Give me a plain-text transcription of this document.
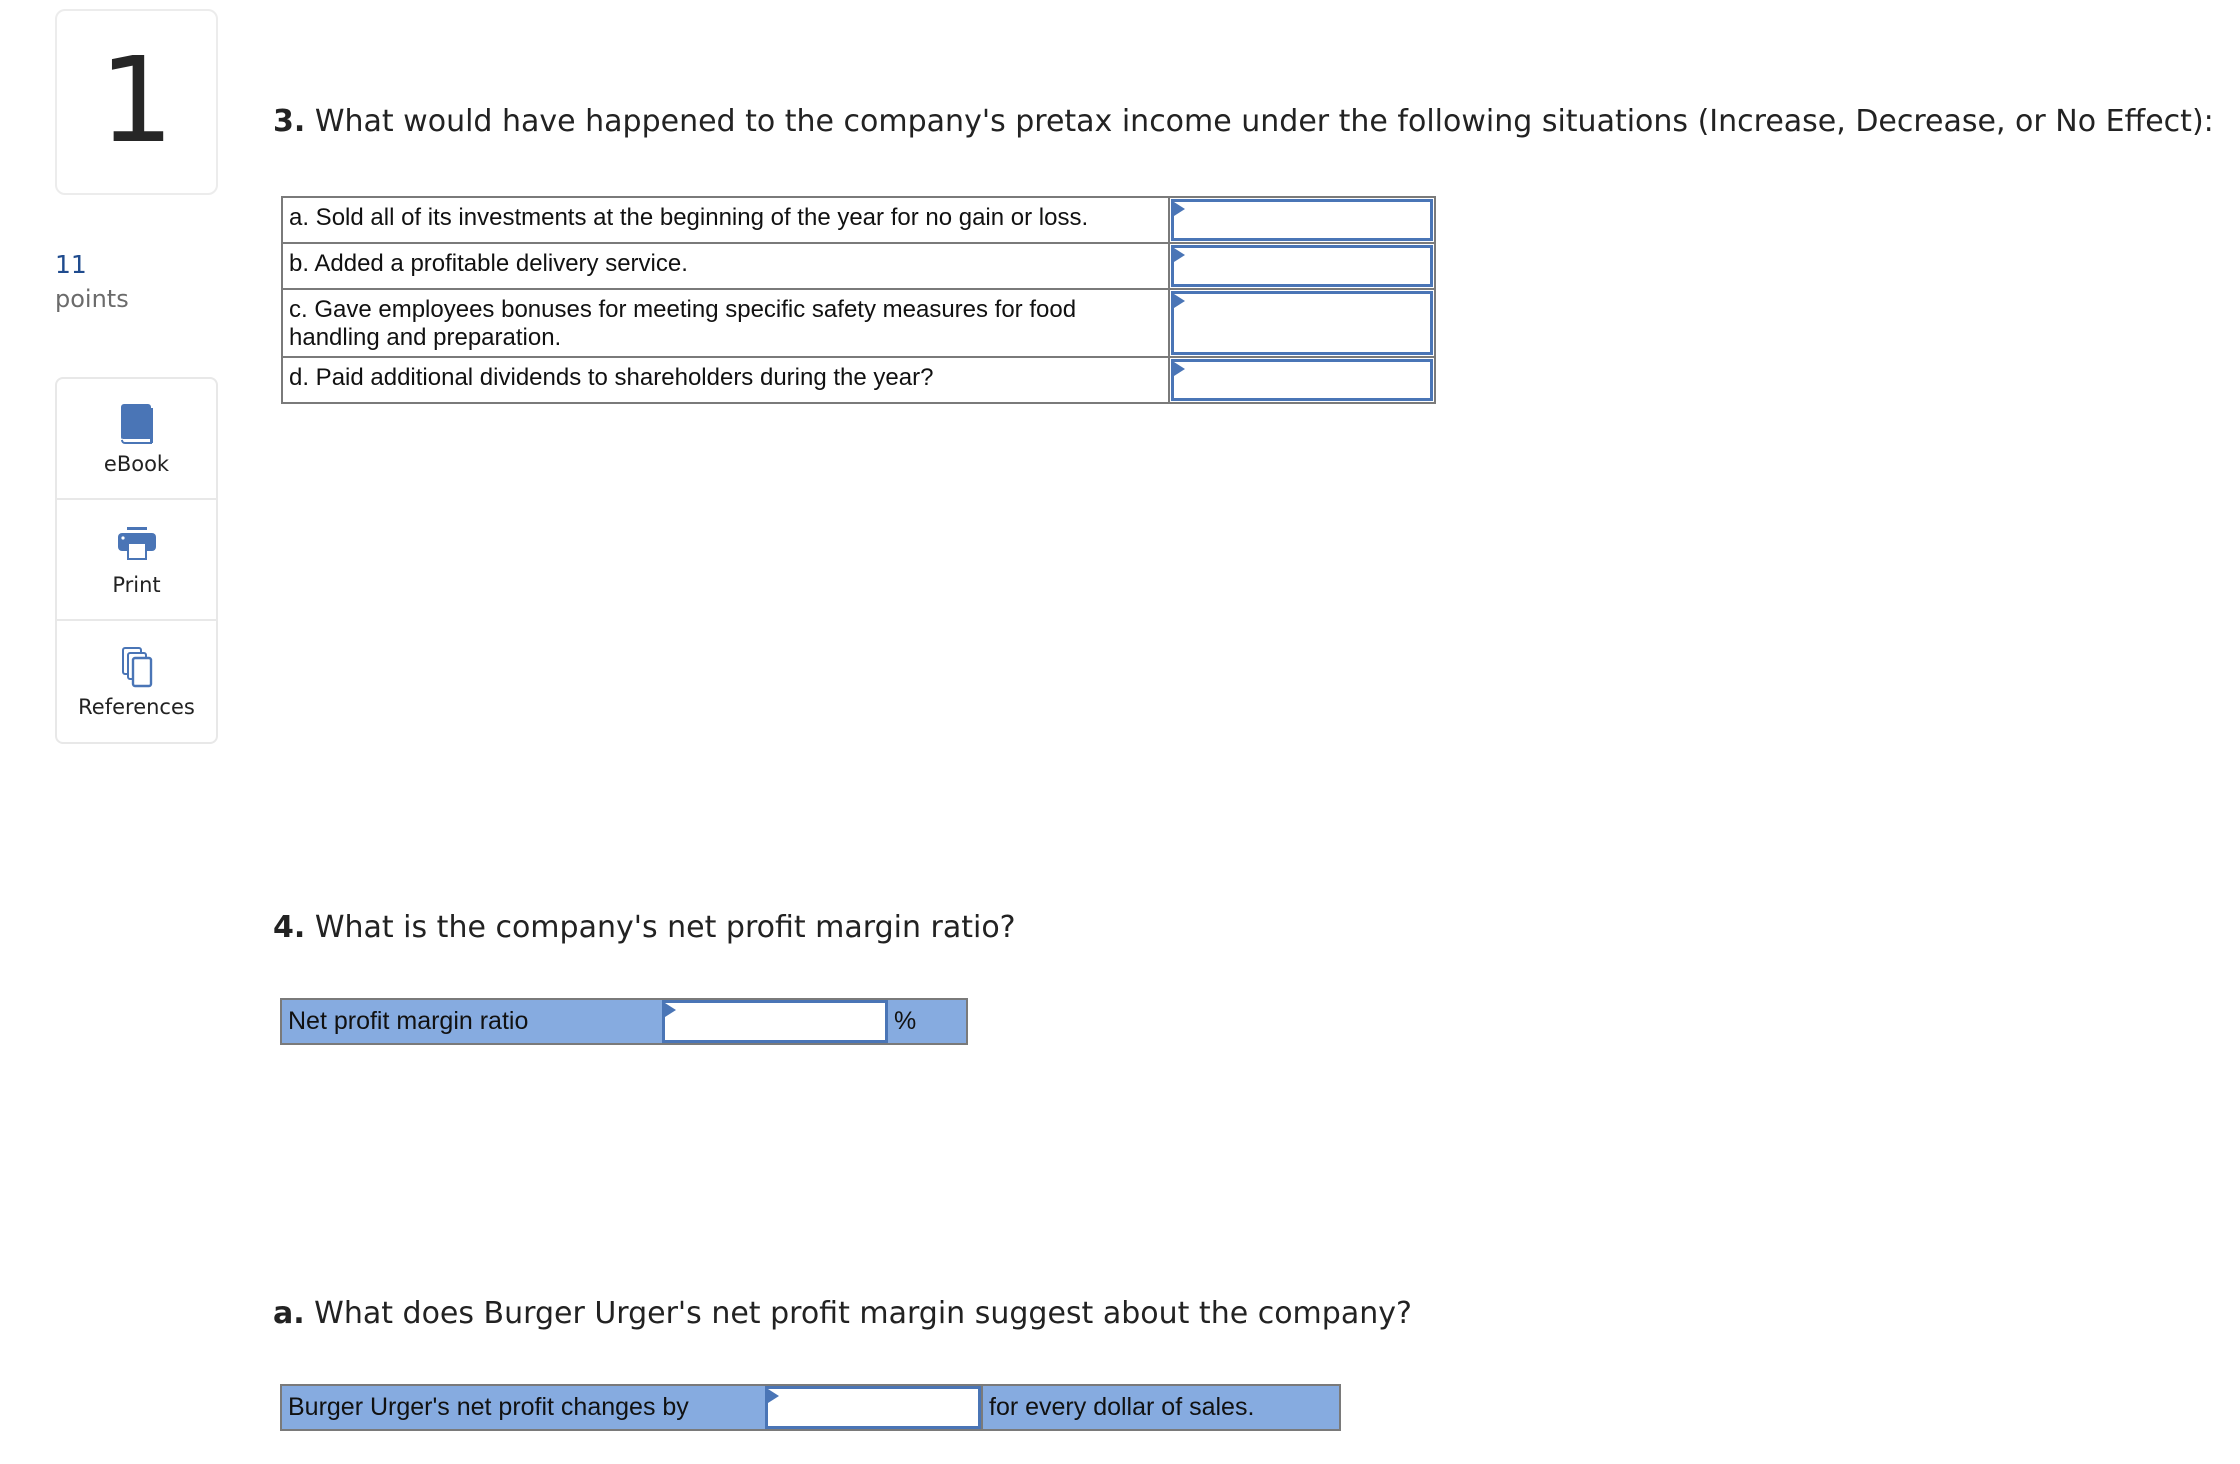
1
11
points
eBook
Print
References
3. What would have happened to the company's pretax income under the following situations (Increase, Decrease, or No Effect):
a. Sold all of its investments at the beginning of the year for no gain or loss.	

b. Added a profitable delivery service.	

c. Gave employees bonuses for meeting specific safety measures for food handling and preparation.	

d. Paid additional dividends to shareholders during the year?	
4. What is the company's net profit margin ratio?
Net profit margin ratio	%
a. What does Burger Urger's net profit margin suggest about the company?
Burger Urger's net profit changes by	for every dollar of sales.
